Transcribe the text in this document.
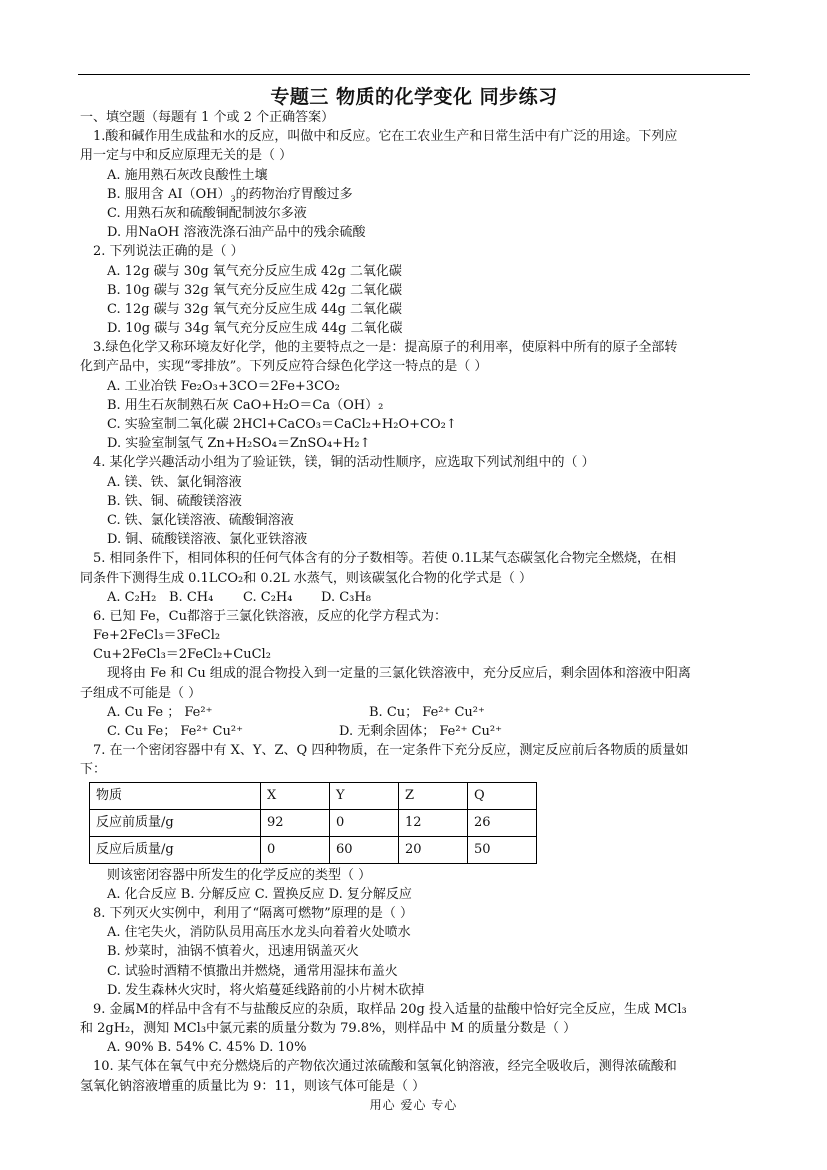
专题三 物质的化学变化 同步练习
一、填空题（每题有 1 个或 2 个正确答案）
1.酸和碱作用生成盐和水的反应，叫做中和反应。它在工农业生产和日常生活中有广泛的用途。下列应
用一定与中和反应原理无关的是（ ）
A. 施用熟石灰改良酸性土壤
B. 服用含 $AI(OH)_3$的药物治疗胃酸过多
C. 用熟石灰和硫酸铜配制波尔多液
D. 用NaOH 溶液洗涤石油产品中的残余硫酸
2. 下列说法正确的是（ ）
A. 12g 碳与 30g 氧气充分反应生成 42g 二氧化碳
B. 10g 碳与 32g 氧气充分反应生成 42g 二氧化碳
C. 12g 碳与 32g 氧气充分反应生成 44g 二氧化碳
D. 10g 碳与 34g 氧气充分反应生成 44g 二氧化碳
3.绿色化学又称环境友好化学，他的主要特点之一是：提高原子的利用率，使原料中所有的原子全部转
化到产品中，实现“零排放”。下列反应符合绿色化学这一特点的是（ ）
A. 工业冶铁 Fe₂O₃+3CO＝2Fe+3CO₂
B. 用生石灰制熟石灰 CaO+H₂O＝Ca（OH）₂
C. 实验室制二氧化碳 2HCl+CaCO₃＝CaCl₂+H₂O+CO₂↑
D. 实验室制氢气 Zn+H₂SO₄＝ZnSO₄+H₂↑
4. 某化学兴趣活动小组为了验证铁，镁，铜的活动性顺序，应选取下列试剂组中的（ ）
A. 镁、铁、氯化铜溶液
B. 铁、铜、硫酸镁溶液
C. 铁、氯化镁溶液、硫酸铜溶液
D. 铜、硫酸镁溶液、氯化亚铁溶液
5. 相同条件下，相同体积的任何气体含有的分子数相等。若使 0.1L某气态碳氢化合物完全燃烧，在相
同条件下测得生成 0.1LCO₂和 0.2L 水蒸气，则该碳氢化合物的化学式是（ ）
A. C₂H₂ B. CH₄	C. C₂H₄	D. C₃H₈
6. 已知 Fe，Cu都溶于三氯化铁溶液，反应的化学方程式为：
Fe+2FeCl₃＝3FeCl₂
Cu+2FeCl₃＝2FeCl₂+CuCl₂
现将由 Fe 和 Cu 组成的混合物投入到一定量的三氯化铁溶液中，充分反应后，剩余固体和溶液中阳离
子组成不可能是（ ）
A. Cu Fe ； Fe²⁺	B. Cu； Fe²⁺ Cu²⁺
C. Cu Fe； Fe²⁺ Cu²⁺	D. 无剩余固体； Fe²⁺ Cu²⁺
7. 在一个密闭容器中有 X、Y、Z、Q 四种物质，在一定条件下充分反应，测定反应前后各物质的质量如
下：
物质	X	Y	Z	Q
反应前质量/g	92	0	12	26
反应后质量/g	0	60	20	50
则该密闭容器中所发生的化学反应的类型（ ）
A. 化合反应 B. 分解反应 C. 置换反应 D. 复分解反应
8. 下列灭火实例中，利用了“隔离可燃物”原理的是（ ）
A. 住宅失火，消防队员用高压水龙头向着着火处喷水
B. 炒菜时，油锅不慎着火，迅速用锅盖灭火
C. 试验时酒精不慎撒出并燃烧，通常用湿抹布盖火
D. 发生森林火灾时，将火焰蔓延线路前的小片树木砍掉
9. 金属M的样品中含有不与盐酸反应的杂质，取样品 20g 投入适量的盐酸中恰好完全反应，生成 MCl₃
和 2gH₂，测知 MCl₃中氯元素的质量分数为 79.8%，则样品中 M 的质量分数是（ ）
A. 90% B. 54% C. 45% D. 10%
10. 某气体在氧气中充分燃烧后的产物依次通过浓硫酸和氢氧化钠溶液，经完全吸收后，测得浓硫酸和
氢氧化钠溶液增重的质量比为 9：11，则该气体可能是（ ）
用心 爱心 专心
